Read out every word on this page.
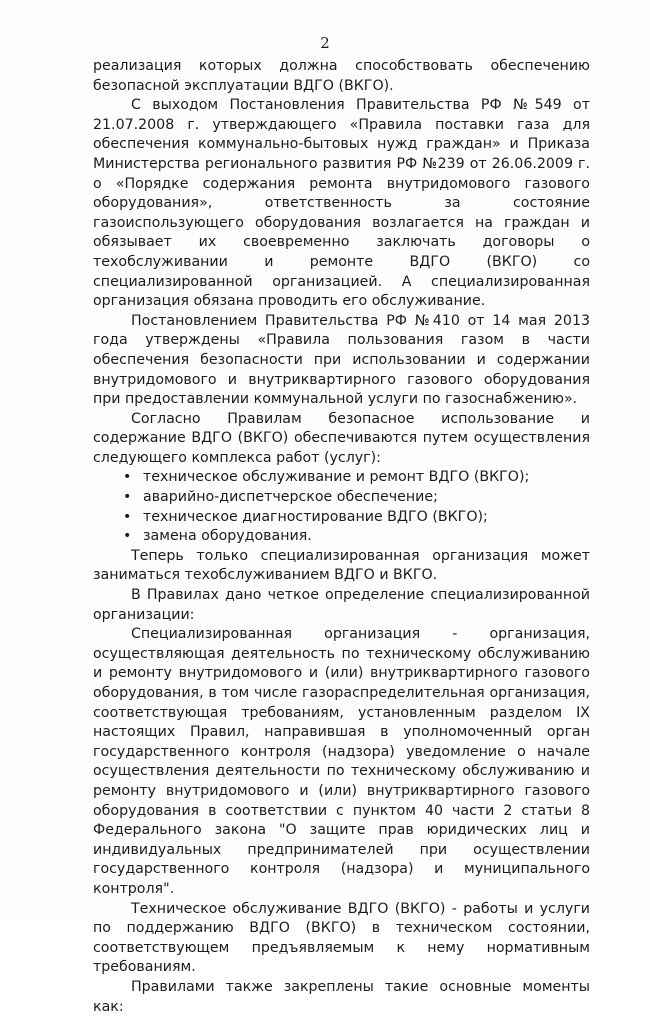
2

реализация которых должна способствовать обеспечению безопасной эксплуатации ВДГО (ВКГО).

С выходом Постановления Правительства РФ №549 от 21.07.2008 г. утверждающего «Правила поставки газа для обеспечения коммунально-бытовых нужд граждан» и Приказа Министерства регионального развития РФ №239 от 26.06.2009 г. о «Порядке содержания ремонта внутридомового газового оборудования», ответственность за состояние газоиспользующего оборудования возлагается на граждан и обязывает их своевременно заключать договоры о техобслуживании и ремонте ВДГО (ВКГО) со специализированной организацией. А специализированная организация обязана проводить его обслуживание.

Постановлением Правительства РФ №410 от 14 мая 2013 года утверждены «Правила пользования газом в части обеспечения безопасности при использовании и содержании внутридомового и внутриквартирного газового оборудования при предоставлении коммунальной услуги по газоснабжению».

Согласно Правилам безопасное использование и содержание ВДГО (ВКГО) обеспечиваются путем осуществления следующего комплекса работ (услуг):

• техническое обслуживание и ремонт ВДГО (ВКГО);
• аварийно-диспетчерское обеспечение;
• техническое диагностирование ВДГО (ВКГО);
• замена оборудования.

Теперь только специализированная организация может заниматься техобслуживанием ВДГО и ВКГО.

В Правилах дано четкое определение специализированной организации:

Специализированная организация - организация, осуществляющая деятельность по техническому обслуживанию и ремонту внутридомового и (или) внутриквартирного газового оборудования, в том числе газораспределительная организация, соответствующая требованиям, установленным разделом IX настоящих Правил, направившая в уполномоченный орган государственного контроля (надзора) уведомление о начале осуществления деятельности по техническому обслуживанию и ремонту внутридомового и (или) внутриквартирного газового оборудования в соответствии с пунктом 40 части 2 статьи 8 Федерального закона "О защите прав юридических лиц и индивидуальных предпринимателей при осуществлении государственного контроля (надзора) и муниципального контроля".

Техническое обслуживание ВДГО (ВКГО) - работы и услуги по поддержанию ВДГО (ВКГО) в техническом состоянии, соответствующем предъявляемым к нему нормативным требованиям.

Правилами также закреплены такие основные моменты как:
